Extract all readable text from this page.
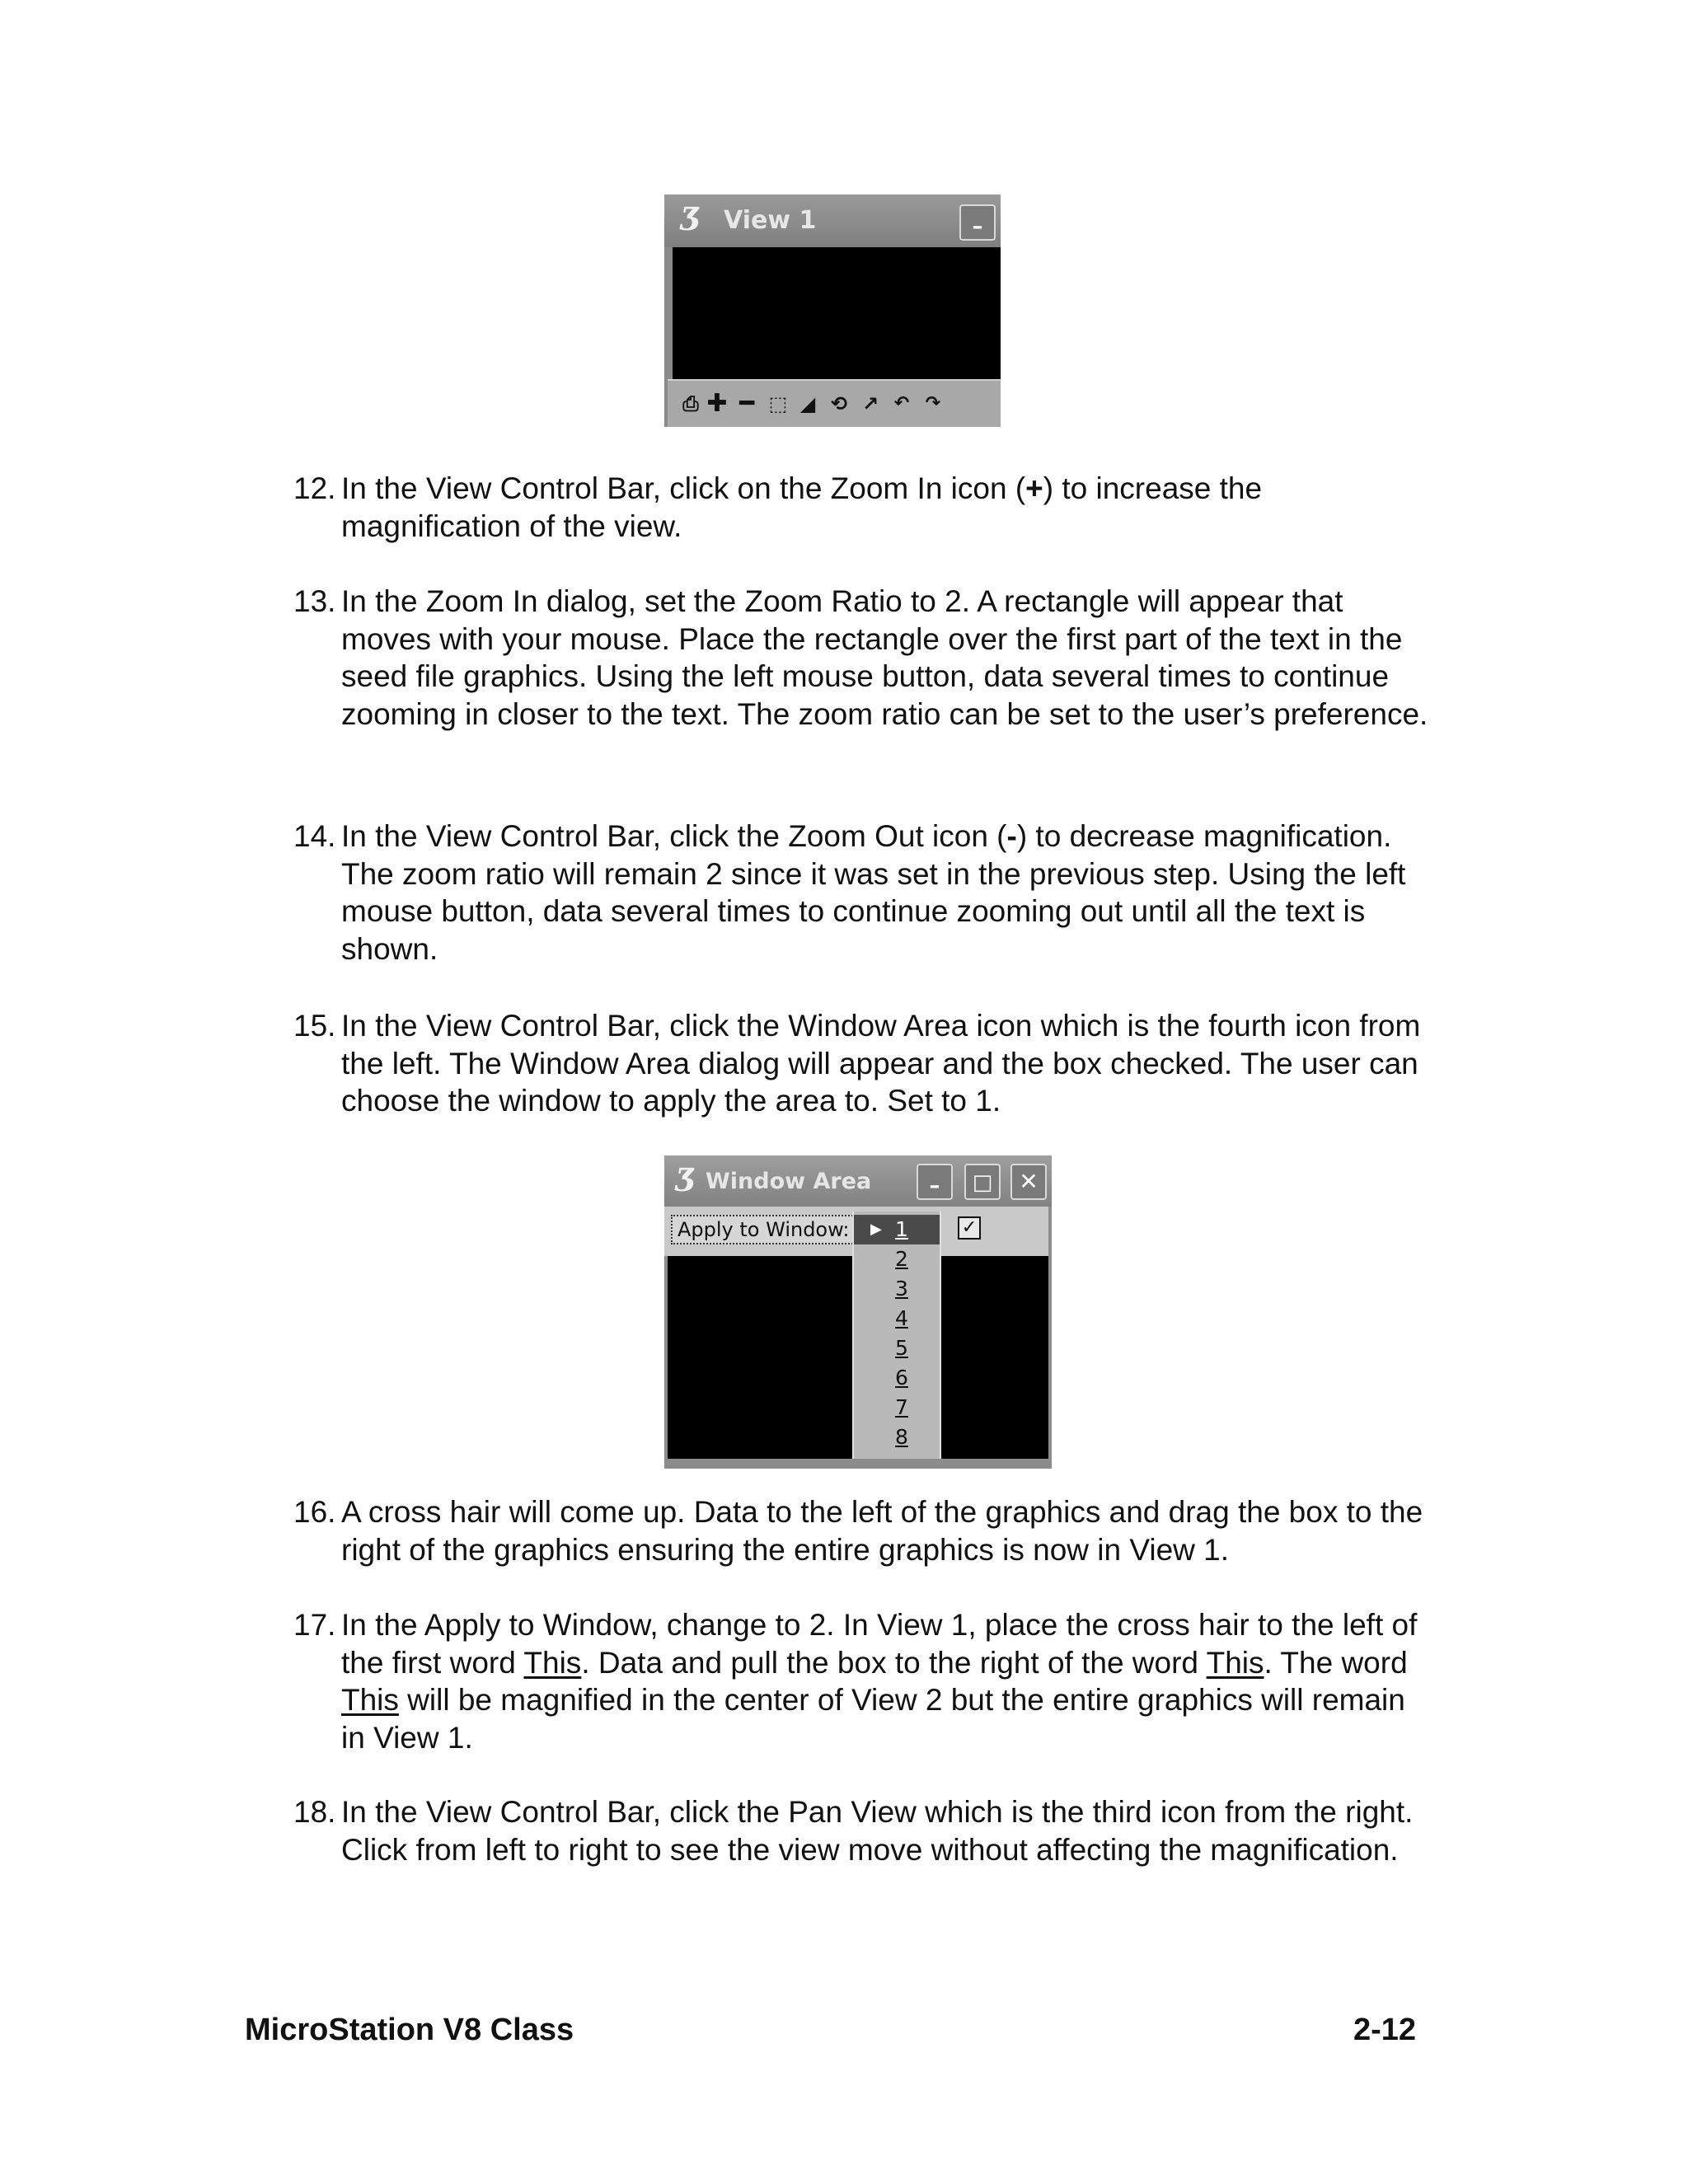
Ʒ View 1	–
⎙ ✚ ━ ⬚ ◢ ⟲ ↗ ↶ ↷
12. In the View Control Bar, click on the Zoom In icon (+) to increase the magnification of the view.
13. In the Zoom In dialog, set the Zoom Ratio to 2. A rectangle will appear that moves with your mouse. Place the rectangle over the first part of the text in the seed file graphics. Using the left mouse button, data several times to continue zooming in closer to the text. The zoom ratio can be set to the user’s preference.
14. In the View Control Bar, click the Zoom Out icon (-) to decrease magnification. The zoom ratio will remain 2 since it was set in the previous step. Using the left mouse button, data several times to continue zooming out until all the text is shown.
15. In the View Control Bar, click the Window Area icon which is the fourth icon from the left. The Window Area dialog will appear and the box checked. The user can choose the window to apply the area to. Set to 1.
Ʒ Window Area	–	□ ✕
Apply to Window:	✓
▶ 1
2
3
4
5
6
7
8
16. A cross hair will come up. Data to the left of the graphics and drag the box to the right of the graphics ensuring the entire graphics is now in View 1.
17. In the Apply to Window, change to 2. In View 1, place the cross hair to the left of the first word This. Data and pull the box to the right of the word This. The word This will be magnified in the center of View 2 but the entire graphics will remain in View 1.
18. In the View Control Bar, click the Pan View which is the third icon from the right. Click from left to right to see the view move without affecting the magnification.
MicroStation V8 Class	2-12
